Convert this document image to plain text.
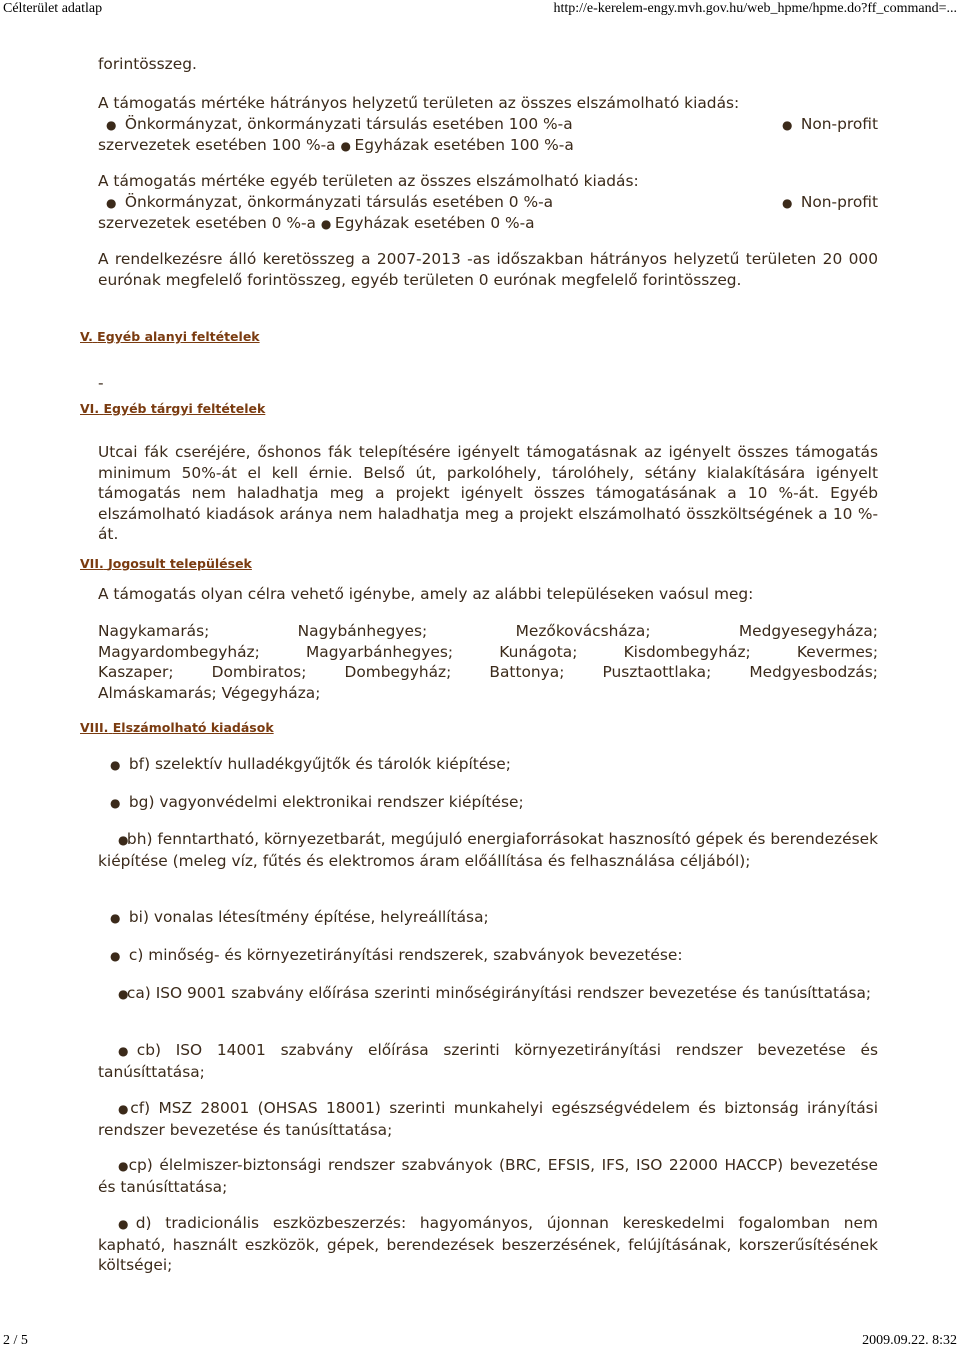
Célterület adatlap	http://e-kerelem-engy.mvh.gov.hu/web_hpme/hpme.do?ff_command=...

forintösszeg.

A támogatás mértéke hátrányos helyzetű területen az összes elszámolható kiadás:
● Önkormányzat, önkormányzati társulás esetében 100 %-a	● Non-profit
szervezetek esetében 100 %-a ● Egyházak esetében 100 %-a
A támogatás mértéke egyéb területen az összes elszámolható kiadás:
● Önkormányzat, önkormányzati társulás esetében 0 %-a	● Non-profit
szervezetek esetében 0 %-a ● Egyházak esetében 0 %-a

A rendelkezésre álló keretösszeg a 2007-2013 -as időszakban hátrányos helyzetű területen 20 000 eurónak megfelelő forintösszeg, egyéb területen 0 eurónak megfelelő forintösszeg.

V. Egyéb alanyi feltételek

-

VI. Egyéb tárgyi feltételek

Utcai fák cseréjére, őshonos fák telepítésére igényelt támogatásnak az igényelt összes támogatás minimum 50%-át el kell érnie. Belső út, parkolóhely, tárolóhely, sétány kialakítására igényelt támogatás nem haladhatja meg a projekt igényelt összes támogatásának a 10 %-át. Egyéb elszámolható kiadások aránya nem haladhatja meg a projekt elszámolható összköltségének a 10 %-át.

VII. Jogosult települések

A támogatás olyan célra vehető igénybe, amely az alábbi településeken vaósul meg:

Nagykamarás;	Nagybánhegyes;	Mezőkovácsháza;	Medgyesegyháza;
Magyardombegyház;	Magyarbánhegyes;	Kunágota;	Kisdombegyház;	Kevermes;
Kaszaper; Dombiratos; Dombegyház; Battonya; Pusztaottlaka; Medgyesbodzás;
Almáskamarás; Végegyháza;

VIII. Elszámolható kiadások

● bf) szelektív hulladékgyűjtők és tárolók kiépítése;

● bg) vagyonvédelmi elektronikai rendszer kiépítése;

● bh) fenntartható, környezetbarát, megújuló energiaforrásokat hasznosító gépek és berendezések kiépítése (meleg víz, fűtés és elektromos áram előállítása és felhasználása céljából);

● bi) vonalas létesítmény építése, helyreállítása;

● c) minőség- és környezetirányítási rendszerek, szabványok bevezetése:

● ca) ISO 9001 szabvány előírása szerinti minőségirányítási rendszer bevezetése és tanúsíttatása;

● cb) ISO 14001 szabvány előírása szerinti környezetirányítási rendszer bevezetése és tanúsíttatása;

● cf) MSZ 28001 (OHSAS 18001) szerinti munkahelyi egészségvédelem és biztonság irányítási rendszer bevezetése és tanúsíttatása;

● cp) élelmiszer-biztonsági rendszer szabványok (BRC, EFSIS, IFS, ISO 22000 HACCP) bevezetése és tanúsíttatása;

● d) tradicionális eszközbeszerzés: hagyományos, újonnan kereskedelmi fogalomban nem kapható, használt eszközök, gépek, berendezések beszerzésének, felújításának, korszerűsítésének költségei;

2 / 5	2009.09.22. 8:32
